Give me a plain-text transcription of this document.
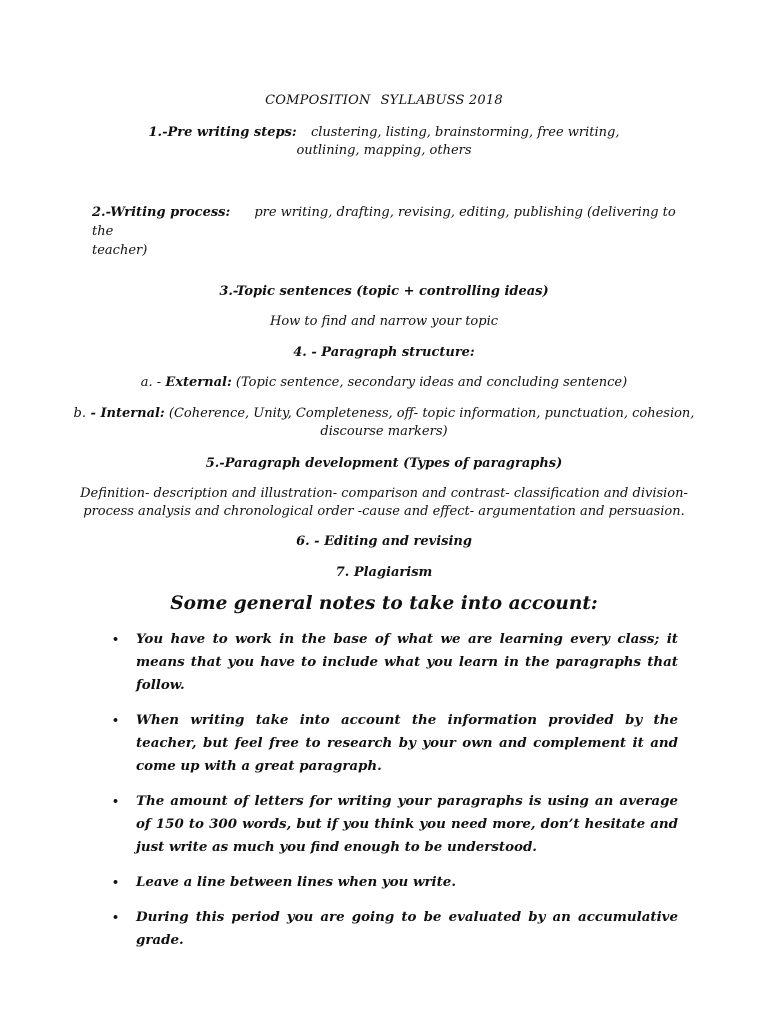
COMPOSITION SYLLABUSS 2018
1.-Pre writing steps: clustering, listing, brainstorming, free writing,
outlining, mapping, others
2.-Writing process: pre writing, drafting, revising, editing, publishing (delivering to the
teacher)
3.-Topic sentences (topic + controlling ideas)
How to find and narrow your topic
4. - Paragraph structure:
a. - External: (Topic sentence, secondary ideas and concluding sentence)
b. - Internal: (Coherence, Unity, Completeness, off- topic information, punctuation, cohesion,
discourse markers)
5.-Paragraph development (Types of paragraphs)
Definition- description and illustration- comparison and contrast- classification and division-
process analysis and chronological order -cause and effect- argumentation and persuasion.
6. - Editing and revising
7. Plagiarism
Some general notes to take into account:
• You have to work in the base of what we are learning every class; it means that you have to include what you learn in the paragraphs that follow.
• When writing take into account the information provided by the teacher, but feel free to research by your own and complement it and come up with a great paragraph.
• The amount of letters for writing your paragraphs is using an average of 150 to 300 words, but if you think you need more, don’t hesitate and just write as much you find enough to be understood.
• Leave a line between lines when you write.
• During this period you are going to be evaluated by an accumulative grade.
